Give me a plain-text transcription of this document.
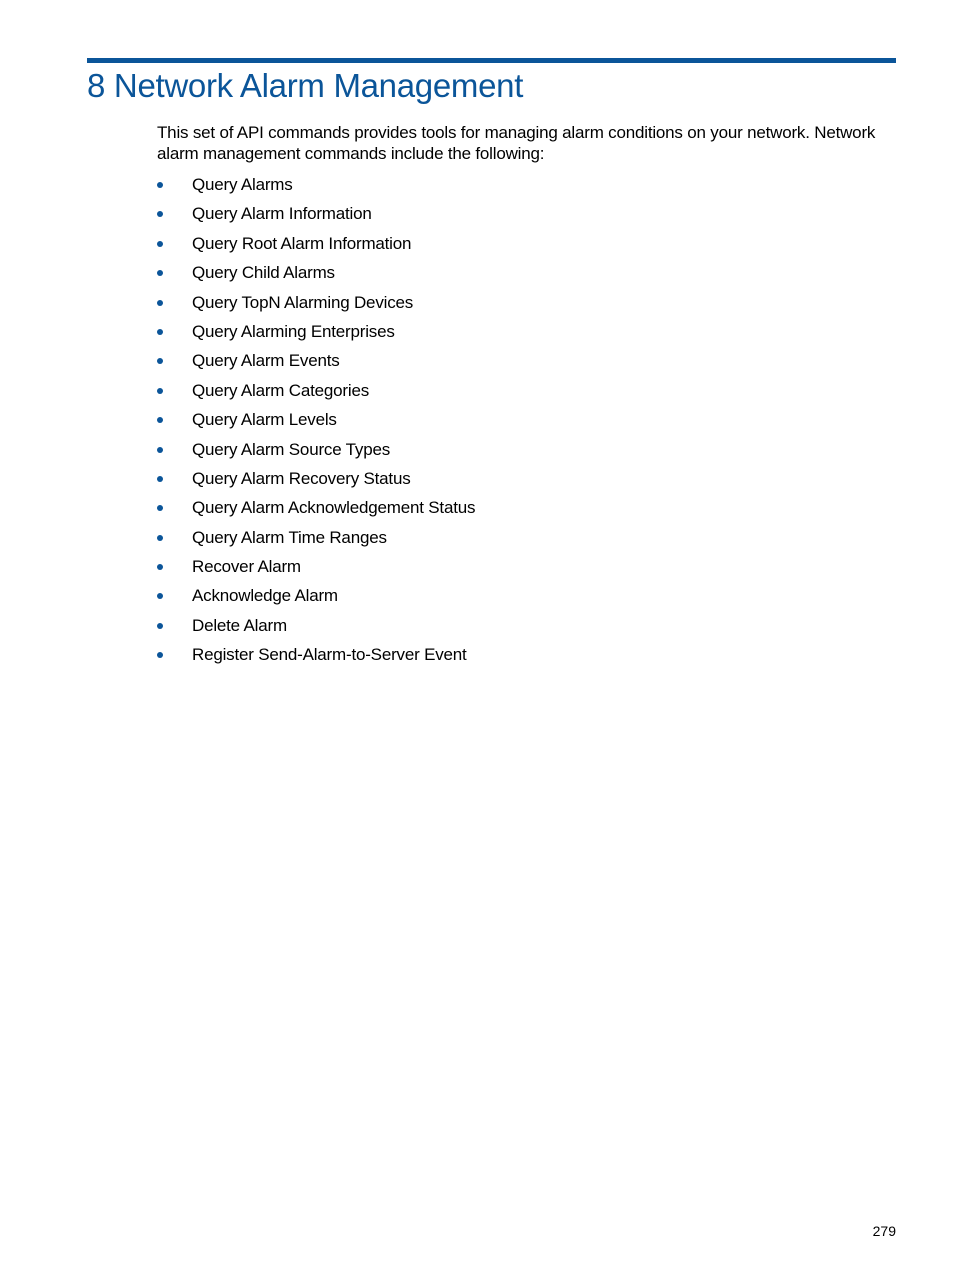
8 Network Alarm Management

This set of API commands provides tools for managing alarm conditions on your network. Network alarm management commands include the following:

Query Alarms
Query Alarm Information
Query Root Alarm Information
Query Child Alarms
Query TopN Alarming Devices
Query Alarming Enterprises
Query Alarm Events
Query Alarm Categories
Query Alarm Levels
Query Alarm Source Types
Query Alarm Recovery Status
Query Alarm Acknowledgement Status
Query Alarm Time Ranges
Recover Alarm
Acknowledge Alarm
Delete Alarm
Register Send-Alarm-to-Server Event
279
